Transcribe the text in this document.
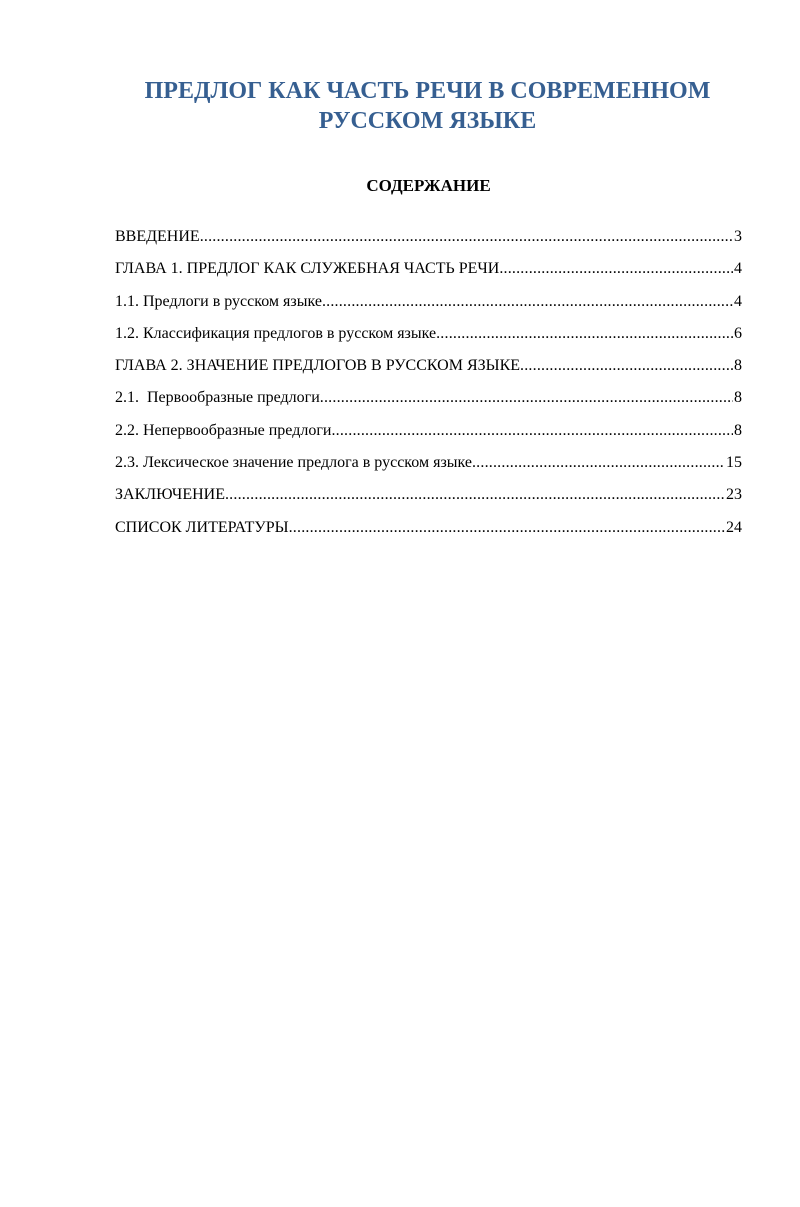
ПРЕДЛОГ КАК ЧАСТЬ РЕЧИ В СОВРЕМЕННОМ
РУССКОМ ЯЗЫКЕ
СОДЕРЖАНИЕ
ВВЕДЕНИЕ .....	3
ГЛАВА 1. ПРЕДЛОГ КАК СЛУЖЕБНАЯ ЧАСТЬ РЕЧИ .....	4
1.1. Предлоги в русском языке .....	4
1.2. Классификация предлогов в русском языке .....	6
ГЛАВА 2. ЗНАЧЕНИЕ ПРЕДЛОГОВ В РУССКОМ ЯЗЫКЕ .....	8
2.1.  Первообразные предлоги .....	8
2.2. Непервообразные предлоги .....	8
2.3. Лексическое значение предлога в русском языке .....	15
ЗАКЛЮЧЕНИЕ .....	23
СПИСОК ЛИТЕРАТУРЫ .....	24
